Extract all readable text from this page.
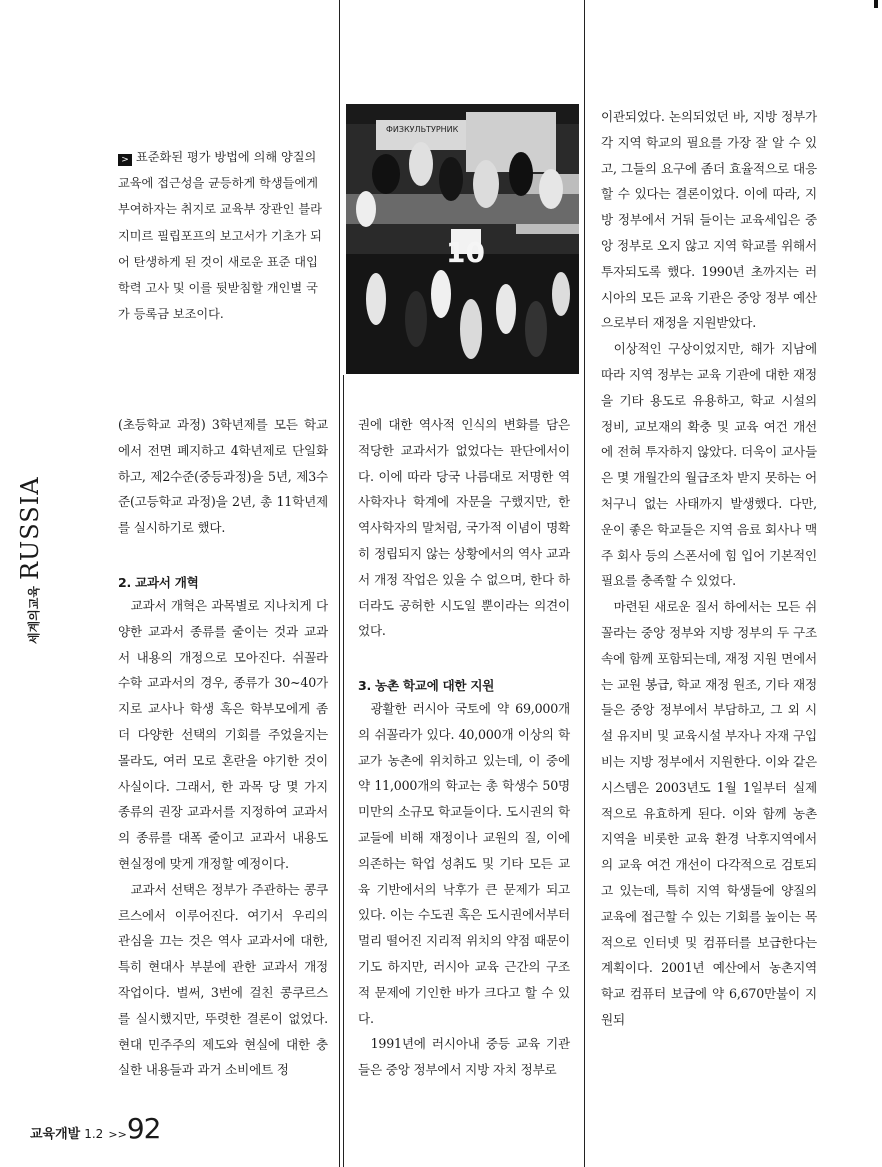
세계의교육RUSSIA
> 표준화된 평가 방법에 의해 양질의 교육에 접근성을 균등하게 학생들에게 부여하자는 취지로 교육부 장관인 블라지미르 필립포프의 보고서가 기초가 되어 탄생하게 된 것이 새로운 표준 대입학력 고사 및 이를 뒷받침할 개인별 국가 등록금 보조이다.
ФИЗКУЛЬТУРНИК
10

(초등학교 과정) 3학년제를 모든 학교에서 전면 폐지하고 4학년제로 단일화하고, 제2수준(중등과정)을 5년, 제3수준(고등학교 과정)을 2년, 총 11학년제를 실시하기로 했다.

2. 교과서 개혁

교과서 개혁은 과목별로 지나치게 다양한 교과서 종류를 줄이는 것과 교과서 내용의 개정으로 모아진다. 쉬꼴라 수학 교과서의 경우, 종류가 30~40가지로 교사나 학생 혹은 학부모에게 좀 더 다양한 선택의 기회를 주었을지는 몰라도, 여러 모로 혼란을 야기한 것이 사실이다. 그래서, 한 과목 당 몇 가지 종류의 권장 교과서를 지정하여 교과서의 종류를 대폭 줄이고 교과서 내용도 현실정에 맞게 개정할 예정이다.

교과서 선택은 정부가 주관하는 콩쿠르스에서 이루어진다. 여기서 우리의 관심을 끄는 것은 역사 교과서에 대한, 특히 현대사 부분에 관한 교과서 개정 작업이다. 벌써, 3번에 걸친 콩쿠르스를 실시했지만, 뚜렷한 결론이 없었다. 현대 민주주의 제도와 현실에 대한 충실한 내용들과 과거 소비에트 정

권에 대한 역사적 인식의 변화를 담은 적당한 교과서가 없었다는 판단에서이다. 이에 따라 당국 나름대로 저명한 역사학자나 학계에 자문을 구했지만, 한 역사학자의 말처럼, 국가적 이념이 명확히 정립되지 않는 상황에서의 역사 교과서 개정 작업은 있을 수 없으며, 한다 하더라도 공허한 시도일 뿐이라는 의견이었다.

3. 농촌 학교에 대한 지원

광활한 러시아 국토에 약 69,000개의 쉬꼴라가 있다. 40,000개 이상의 학교가 농촌에 위치하고 있는데, 이 중에 약 11,000개의 학교는 총 학생수 50명 미만의 소규모 학교들이다. 도시권의 학교들에 비해 재정이나 교원의 질, 이에 의존하는 학업 성취도 및 기타 모든 교육 기반에서의 낙후가 큰 문제가 되고 있다. 이는 수도권 혹은 도시권에서부터 멀리 떨어진 지리적 위치의 약점 때문이기도 하지만, 러시아 교육 근간의 구조적 문제에 기인한 바가 크다고 할 수 있다.

1991년에 러시아내 중등 교육 기관들은 중앙 정부에서 지방 자치 정부로

이관되었다. 논의되었던 바, 지방 정부가 각 지역 학교의 필요를 가장 잘 알 수 있고, 그들의 요구에 좀더 효율적으로 대응할 수 있다는 결론이었다. 이에 따라, 지방 정부에서 거둬 들이는 교육세입은 중앙 정부로 오지 않고 지역 학교를 위해서 투자되도록 했다. 1990년 초까지는 러시아의 모든 교육 기관은 중앙 정부 예산으로부터 재정을 지원받았다.

이상적인 구상이었지만, 해가 지남에 따라 지역 정부는 교육 기관에 대한 재정을 기타 용도로 유용하고, 학교 시설의 정비, 교보재의 확충 및 교육 여건 개선에 전혀 투자하지 않았다. 더욱이 교사들은 몇 개월간의 월급조차 받지 못하는 어처구니 없는 사태까지 발생했다. 다만, 운이 좋은 학교들은 지역 음료 회사나 맥주 회사 등의 스폰서에 힘 입어 기본적인 필요를 충족할 수 있었다.

마련된 새로운 질서 하에서는 모든 쉬꼴라는 중앙 정부와 지방 정부의 두 구조 속에 함께 포함되는데, 재정 지원 면에서는 교원 봉급, 학교 재정 원조, 기타 재정들은 중앙 정부에서 부담하고, 그 외 시설 유지비 및 교육시설 부자나 자재 구입비는 지방 정부에서 지원한다. 이와 같은 시스템은 2003년도 1월 1일부터 실제적으로 유효하게 된다. 이와 함께 농촌 지역을 비롯한 교육 환경 낙후지역에서의 교육 여건 개선이 다각적으로 검토되고 있는데, 특히 지역 학생들에 양질의 교육에 접근할 수 있는 기회를 높이는 목적으로 인터넷 및 컴퓨터를 보급한다는 계획이다. 2001년 예산에서 농촌지역 학교 컴퓨터 보급에 약 6,670만불이 지원되

교육개발 1.2 >>92
